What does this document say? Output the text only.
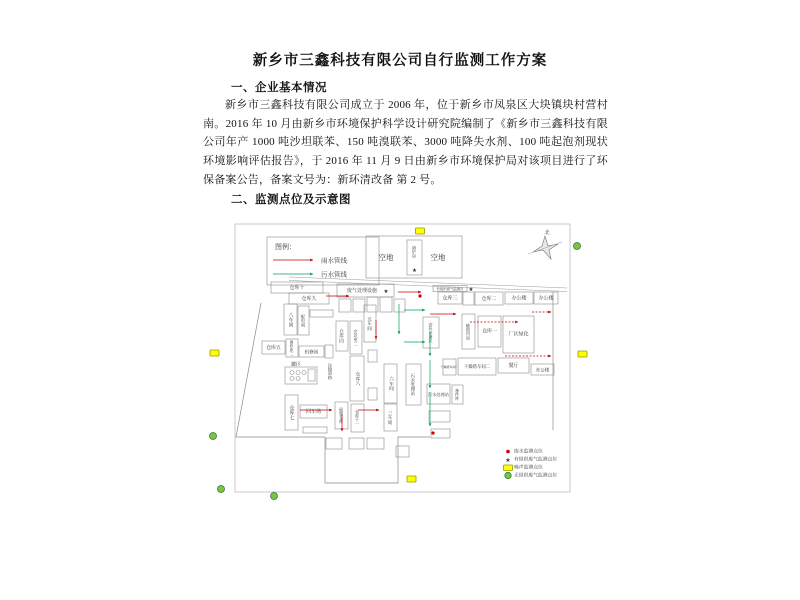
新乡市三鑫科技有限公司自行监测工作方案
一、企业基本情况
新乡市三鑫科技有限公司成立于 2006 年，位于新乡市凤泉区大块镇块村营村南。2016 年 10 月由新乡市环境保护科学设计研究院编制了《新乡市三鑫科技有限公司年产 1000 吨沙坦联苯、150 吨溴联苯、3000 吨降失水剂、100 吨起泡剂现状环境影响评估报告》，于 2016 年 11 月 9 日由新乡市环境保护局对该项目进行了环保备案公告，备案文号为：新环清改备 第 2 号。
二、监测点位及示意图
图例：
雨水管线
污水管线
空地	锅炉房
★
空地
北
仓库十
仓库九
八车间 配电间
废气处理设施 ★	有组织废气监测点 ★
仓库三	仓库二	办公楼 办公楼
仓库五 备件库二 机修间
罐区
仓库七 回车场
运输道路
仓库四 会议室二
五车间
仓库八	六车间	污水处理站
三车间
闲置仓库	仓库十一
安环设备区	辅助用房 仓库一 厂区绿化
干燥塔车间一 干燥塔车间二	餐厅
办公楼
污水处理站 备件库
废水监测点位
★ 有组织废气监测点位
噪声监测点位
无组织废气监测点位
